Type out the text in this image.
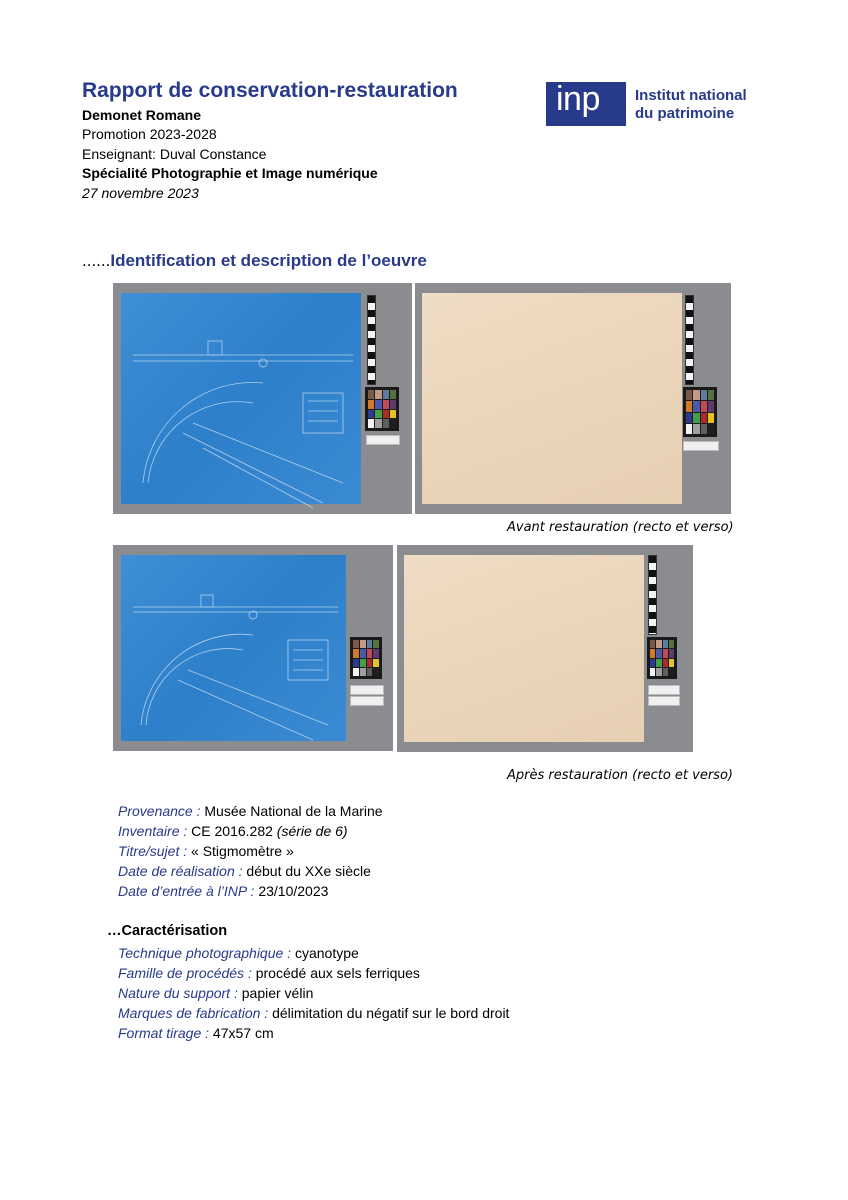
Rapport de conservation-restauration
Demonet Romane
Promotion 2023-2028
Enseignant: Duval Constance
Spécialité Photographie et Image numérique
27 novembre 2023
inp Institut national
du patrimoine
......Identification et description de l’oeuvre
Avant restauration (recto et verso)
Après restauration (recto et verso)
Provenance : Musée National de la Marine
Inventaire : CE 2016.282 (série de 6)
Titre/sujet : « Stigmomètre »
Date de réalisation : début du XXe siècle
Date d’entrée à l’INP : 23/10/2023
…Caractérisation
Technique photographique : cyanotype
Famille de procédés : procédé aux sels ferriques
Nature du support : papier vélin
Marques de fabrication : délimitation du négatif sur le bord droit
Format tirage : 47x57 cm
